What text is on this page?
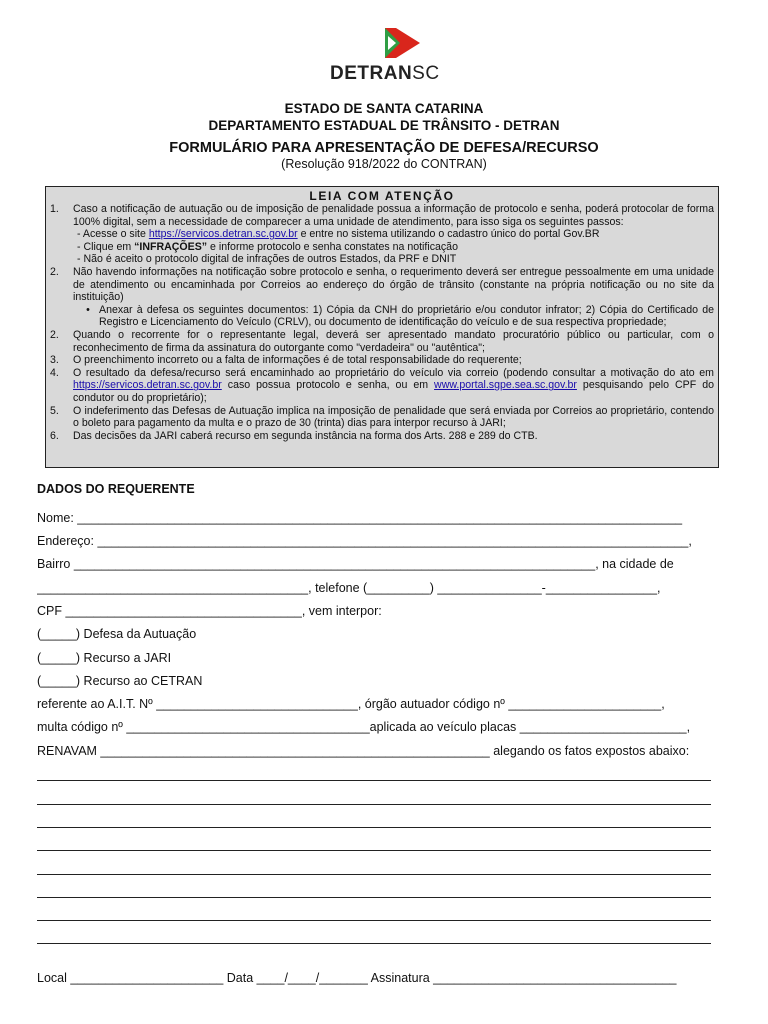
DETRANSC
ESTADO DE SANTA CATARINA
DEPARTAMENTO ESTADUAL DE TRÂNSITO - DETRAN
FORMULÁRIO PARA APRESENTAÇÃO DE DEFESA/RECURSO
(Resolução 918/2022 do CONTRAN)
LEIA COM ATENÇÃO
1.	Caso a notificação de autuação ou de imposição de penalidade possua a informação de protocolo e senha, poderá protocolar de forma 100% digital, sem a necessidade de comparecer a uma unidade de atendimento, para isso siga os seguintes passos:
- Acesse o site https://servicos.detran.sc.gov.br e entre no sistema utilizando o cadastro único do portal Gov.BR
- Clique em “INFRAÇÕES” e informe protocolo e senha constates na notificação
- Não é aceito o protocolo digital de infrações de outros Estados, da PRF e DNIT
2.	Não havendo informações na notificação sobre protocolo e senha, o requerimento deverá ser entregue pessoalmente em uma unidade de atendimento ou encaminhada por Correios ao endereço do órgão de trânsito (constante na própria notificação ou no site da instituição)
• Anexar à defesa os seguintes documentos: 1) Cópia da CNH do proprietário e/ou condutor infrator; 2) Cópia do Certificado de Registro e Licenciamento do Veículo (CRLV), ou documento de identificação do veículo e de sua respectiva propriedade;
2.	Quando o recorrente for o representante legal, deverá ser apresentado mandato procuratório público ou particular, com o reconhecimento de firma da assinatura do outorgante como "verdadeira" ou "autêntica";
3.	O preenchimento incorreto ou a falta de informações é de total responsabilidade do requerente;
4.	O resultado da defesa/recurso será encaminhado ao proprietário do veículo via correio (podendo consultar a motivação do ato em https://servicos.detran.sc.gov.br caso possua protocolo e senha, ou em www.portal.sgpe.sea.sc.gov.br pesquisando pelo CPF do condutor ou do proprietário);
5.	O indeferimento das Defesas de Autuação implica na imposição de penalidade que será enviada por Correios ao proprietário, contendo o boleto para pagamento da multa e o prazo de 30 (trinta) dias para interpor recurso à JARI;
6.	Das decisões da JARI caberá recurso em segunda instância na forma dos Arts. 288 e 289 do CTB.
DADOS DO REQUERENTE
Nome: _______________________________________________________________________________________
Endereço: _____________________________________________________________________________________,
Bairro ___________________________________________________________________________, na cidade de
_______________________________________, telefone (_________) _______________-________________,
CPF __________________________________, vem interpor:
(_____) Defesa da Autuação
(_____) Recurso a JARI
(_____) Recurso ao CETRAN
referente ao A.I.T. Nº _____________________________, órgão autuador código nº ______________________,
multa código nº ___________________________________aplicada ao veículo placas ________________________,
RENAVAM ________________________________________________________ alegando os fatos expostos abaixo:
Local ______________________ Data ____/____/_______ Assinatura ___________________________________
